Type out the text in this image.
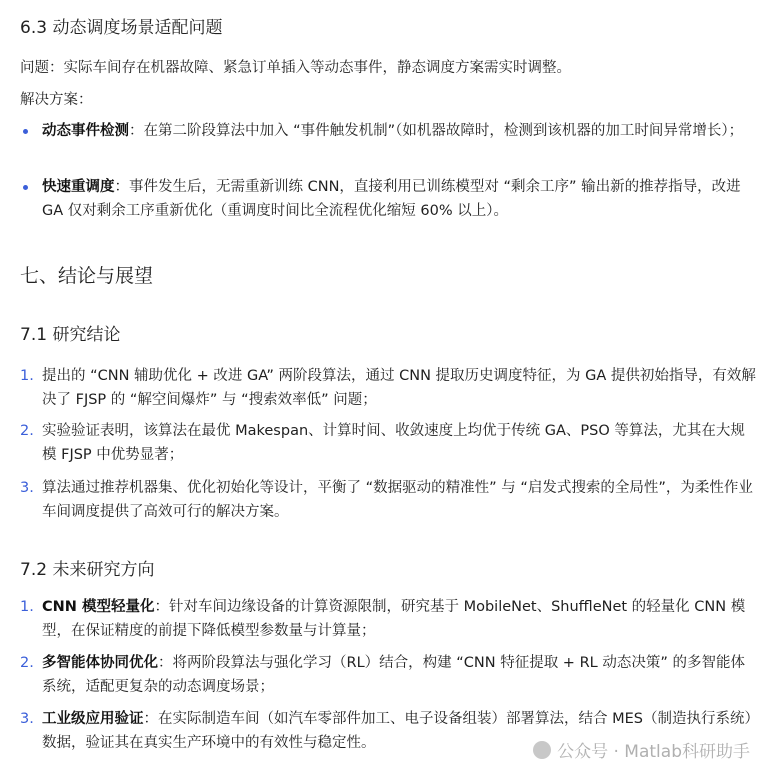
6.3 动态调度场景适配问题
问题：实际车间存在机器故障、紧急订单插入等动态事件，静态调度方案需实时调整。
解决方案：
动态事件检测：在第二阶段算法中加入 “事件触发机制”（如机器故障时，检测到该机器的加工时间异常增长）；
快速重调度：事件发生后，无需重新训练 CNN，直接利用已训练模型对 “剩余工序” 输出新的推荐指导，改进 GA 仅对剩余工序重新优化（重调度时间比全流程优化缩短 60% 以上）。
七、结论与展望
7.1 研究结论
1. 提出的 “CNN 辅助优化 + 改进 GA” 两阶段算法，通过 CNN 提取历史调度特征，为 GA 提供初始指导，有效解决了 FJSP 的 “解空间爆炸” 与 “搜索效率低” 问题；
2. 实验验证表明，该算法在最优 Makespan、计算时间、收敛速度上均优于传统 GA、PSO 等算法，尤其在大规模 FJSP 中优势显著；
3. 算法通过推荐机器集、优化初始化等设计，平衡了 “数据驱动的精准性” 与 “启发式搜索的全局性”，为柔性作业车间调度提供了高效可行的解决方案。
7.2 未来研究方向
1. CNN 模型轻量化：针对车间边缘设备的计算资源限制，研究基于 MobileNet、ShuffleNet 的轻量化 CNN 模型，在保证精度的前提下降低模型参数量与计算量；
2. 多智能体协同优化：将两阶段算法与强化学习（RL）结合，构建 “CNN 特征提取 + RL 动态决策” 的多智能体系统，适配更复杂的动态调度场景；
3. 工业级应用验证：在实际制造车间（如汽车零部件加工、电子设备组装）部署算法，结合 MES（制造执行系统）数据，验证其在真实生产环境中的有效性与稳定性。	公众号 · Matlab科研助手
